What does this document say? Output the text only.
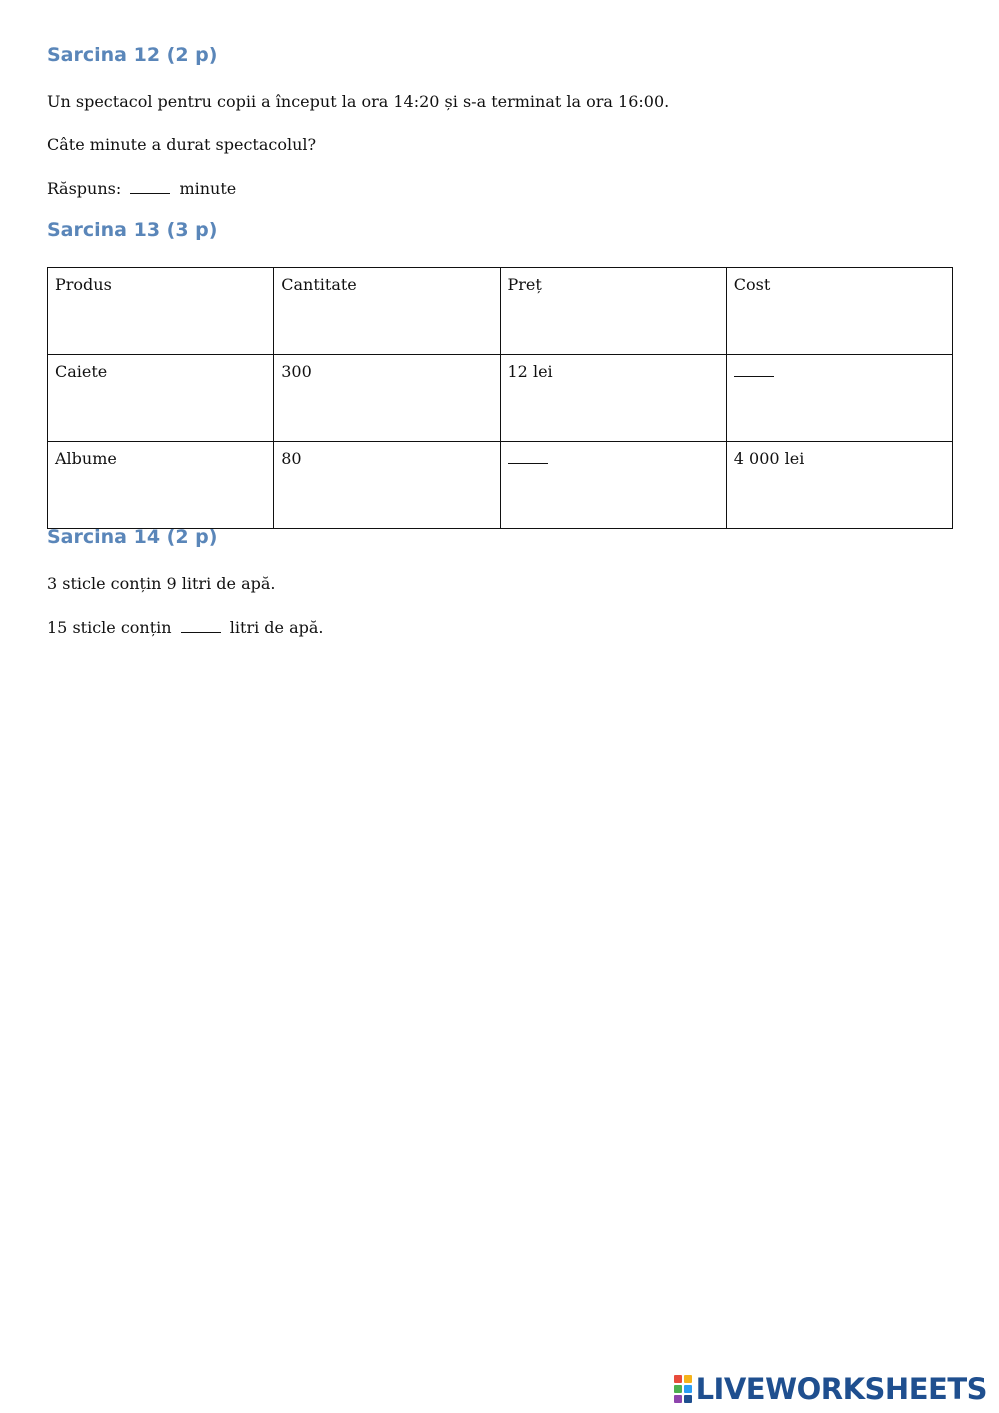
Sarcina 12 (2 p)
Un spectacol pentru copii a început la ora 14:20 și s-a terminat la ora 16:00.
Câte minute a durat spectacolul?
Răspuns:	minute
Sarcina 13 (3 p)
Produs	Cantitate	Preț	Cost
Caiete	300	12 lei	
Albume	80		4 000 lei
Sarcina 14 (2 p)
3 sticle conțin 9 litri de apă.
15 sticle conțin	litri de apă.
LIVEWORKSHEETS
